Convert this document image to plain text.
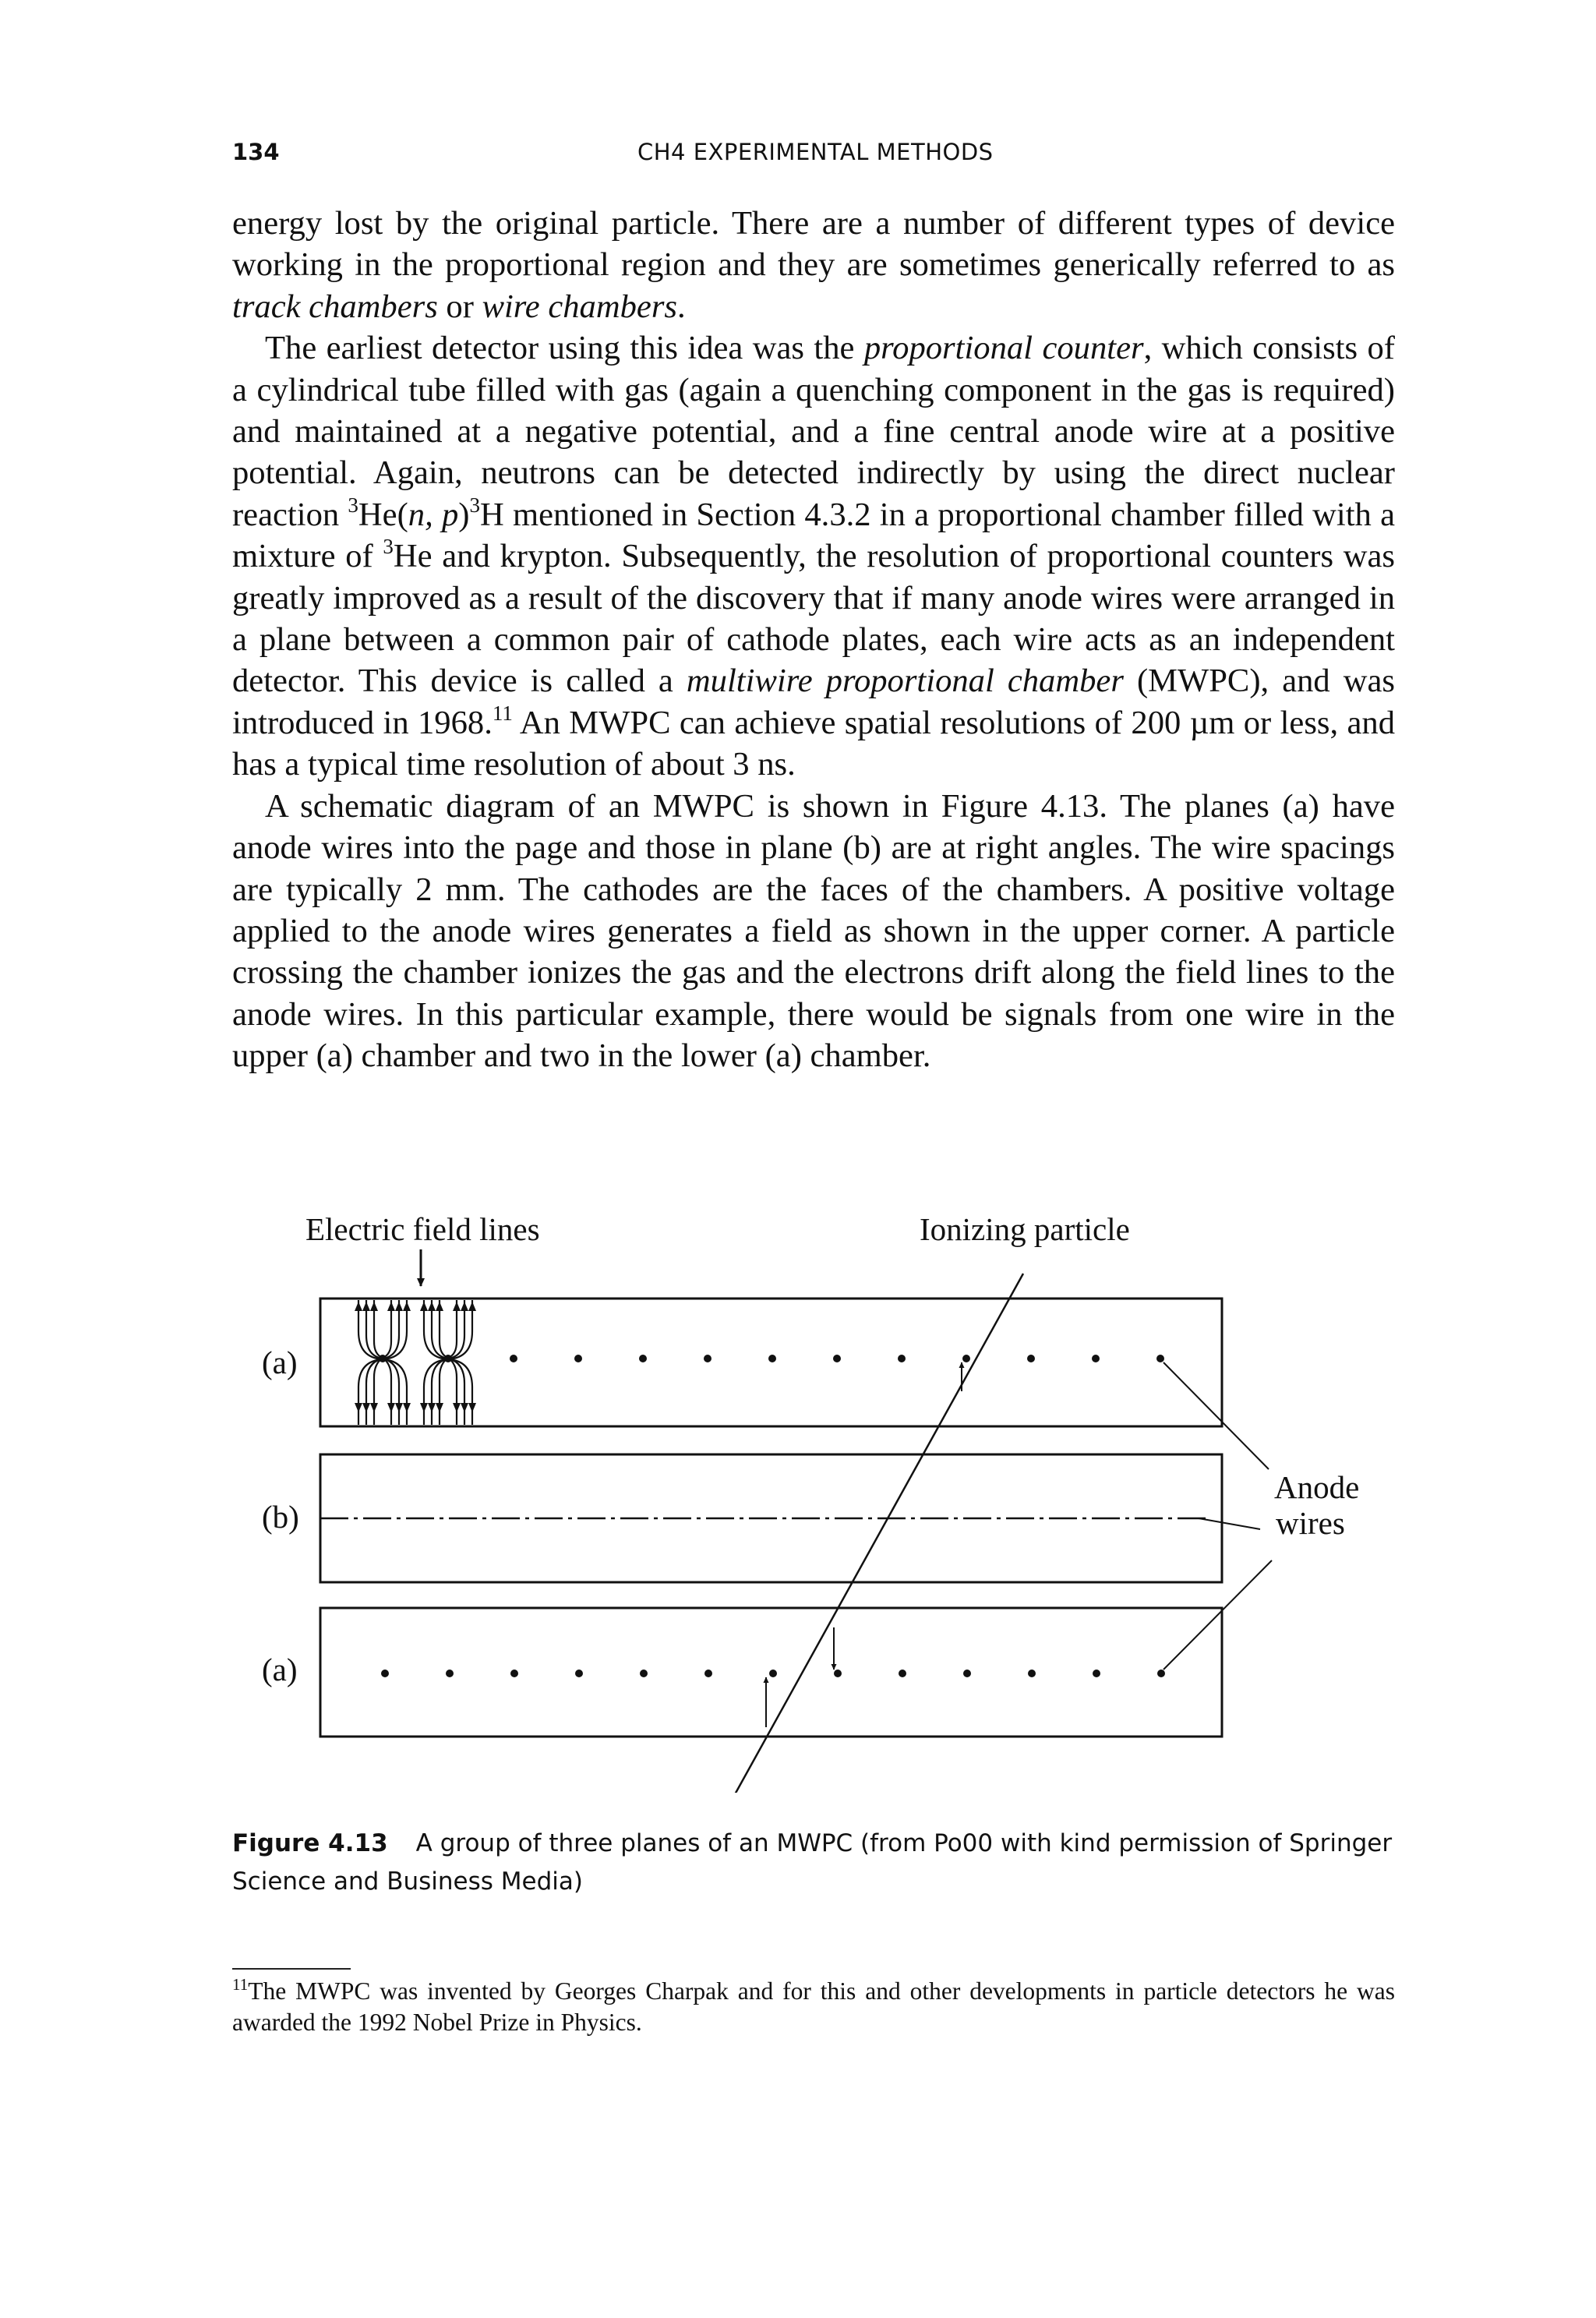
134	CH4 EXPERIMENTAL METHODS

energy lost by the original particle. There are a number of different types of device working in the proportional region and they are sometimes generically referred to as track chambers or wire chambers.

The earliest detector using this idea was the proportional counter, which consists of a cylindrical tube filled with gas (again a quenching component in the gas is required) and maintained at a negative potential, and a fine central anode wire at a positive potential. Again, neutrons can be detected indirectly by using the direct nuclear reaction $^3$He(n, p)$^3$H mentioned in Section 4.3.2 in a proportional chamber filled with a mixture of $^3$He and krypton. Subsequently, the resolution of proportional counters was greatly improved as a result of the discovery that if many anode wires were arranged in a plane between a common pair of cathode plates, each wire acts as an independent detector. This device is called a multiwire proportional chamber (MWPC), and was introduced in 1968.11 An MWPC can achieve spatial resolutions of 200 µm or less, and has a typical time resolution of about 3 ns.

A schematic diagram of an MWPC is shown in Figure 4.13. The planes (a) have anode wires into the page and those in plane (b) are at right angles. The wire spacings are typically 2 mm. The cathodes are the faces of the chambers. A positive voltage applied to the anode wires generates a field as shown in the upper corner. A particle crossing the chamber ionizes the gas and the electrons drift along the field lines to the anode wires. In this particular example, there would be signals from one wire in the upper (a) chamber and two in the lower (a) chamber.

Electric field lines	Ionizing particle
Anode
wires
(a)
(b)
(a)
Figure 4.13 A group of three planes of an MWPC (from Po00 with kind permission of Springer Science and Business Media)
$^{11}$The MWPC was invented by Georges Charpak and for this and other developments in particle detectors he was awarded the 1992 Nobel Prize in Physics.
